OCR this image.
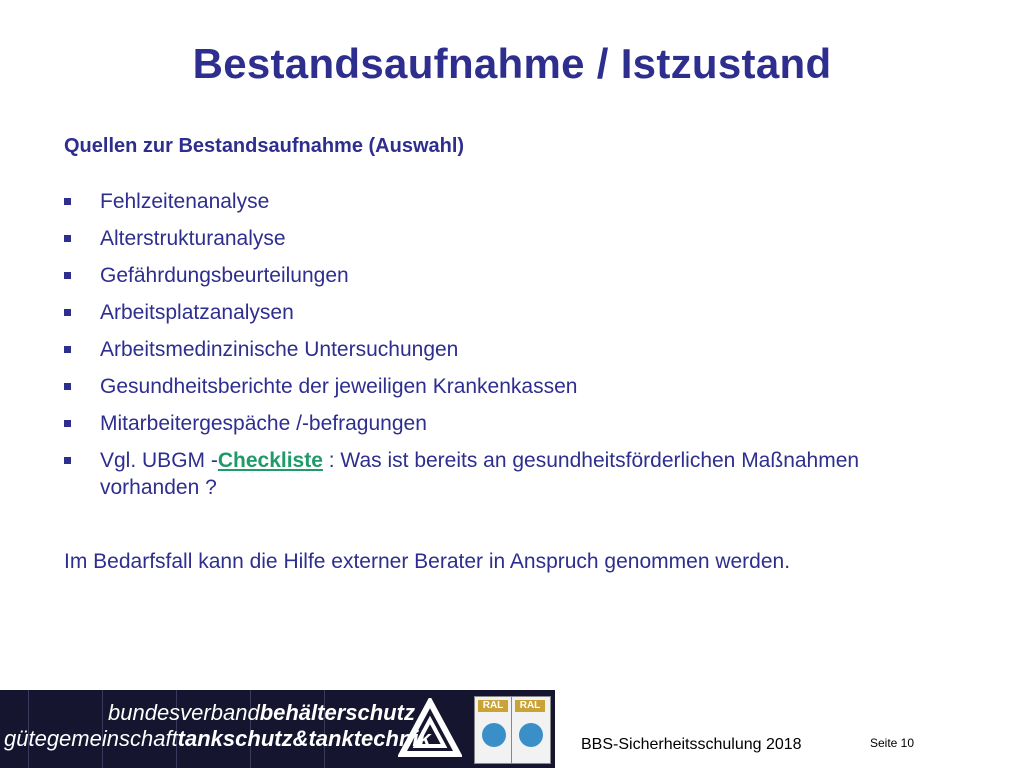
Bestandsaufnahme / Istzustand
Quellen zur Bestandsaufnahme (Auswahl)
Fehlzeitenanalyse
Alterstrukturanalyse
Gefährdungsbeurteilungen
Arbeitsplatzanalysen
Arbeitsmedinzinische Untersuchungen
Gesundheitsberichte der jeweiligen Krankenkassen
Mitarbeitergespäche /-befragungen
Vgl. UBGM -Checkliste : Was ist bereits an gesundheitsförderlichen Maßnahmen vorhanden ?
Im Bedarfsfall kann die Hilfe externer Berater in Anspruch genommen werden.
bundesverbandbehälterschutz
gütegemeinschafttankschutz&tanktechnik
RAL	RAL
BBS-Sicherheitsschulung 2018	Seite 10
